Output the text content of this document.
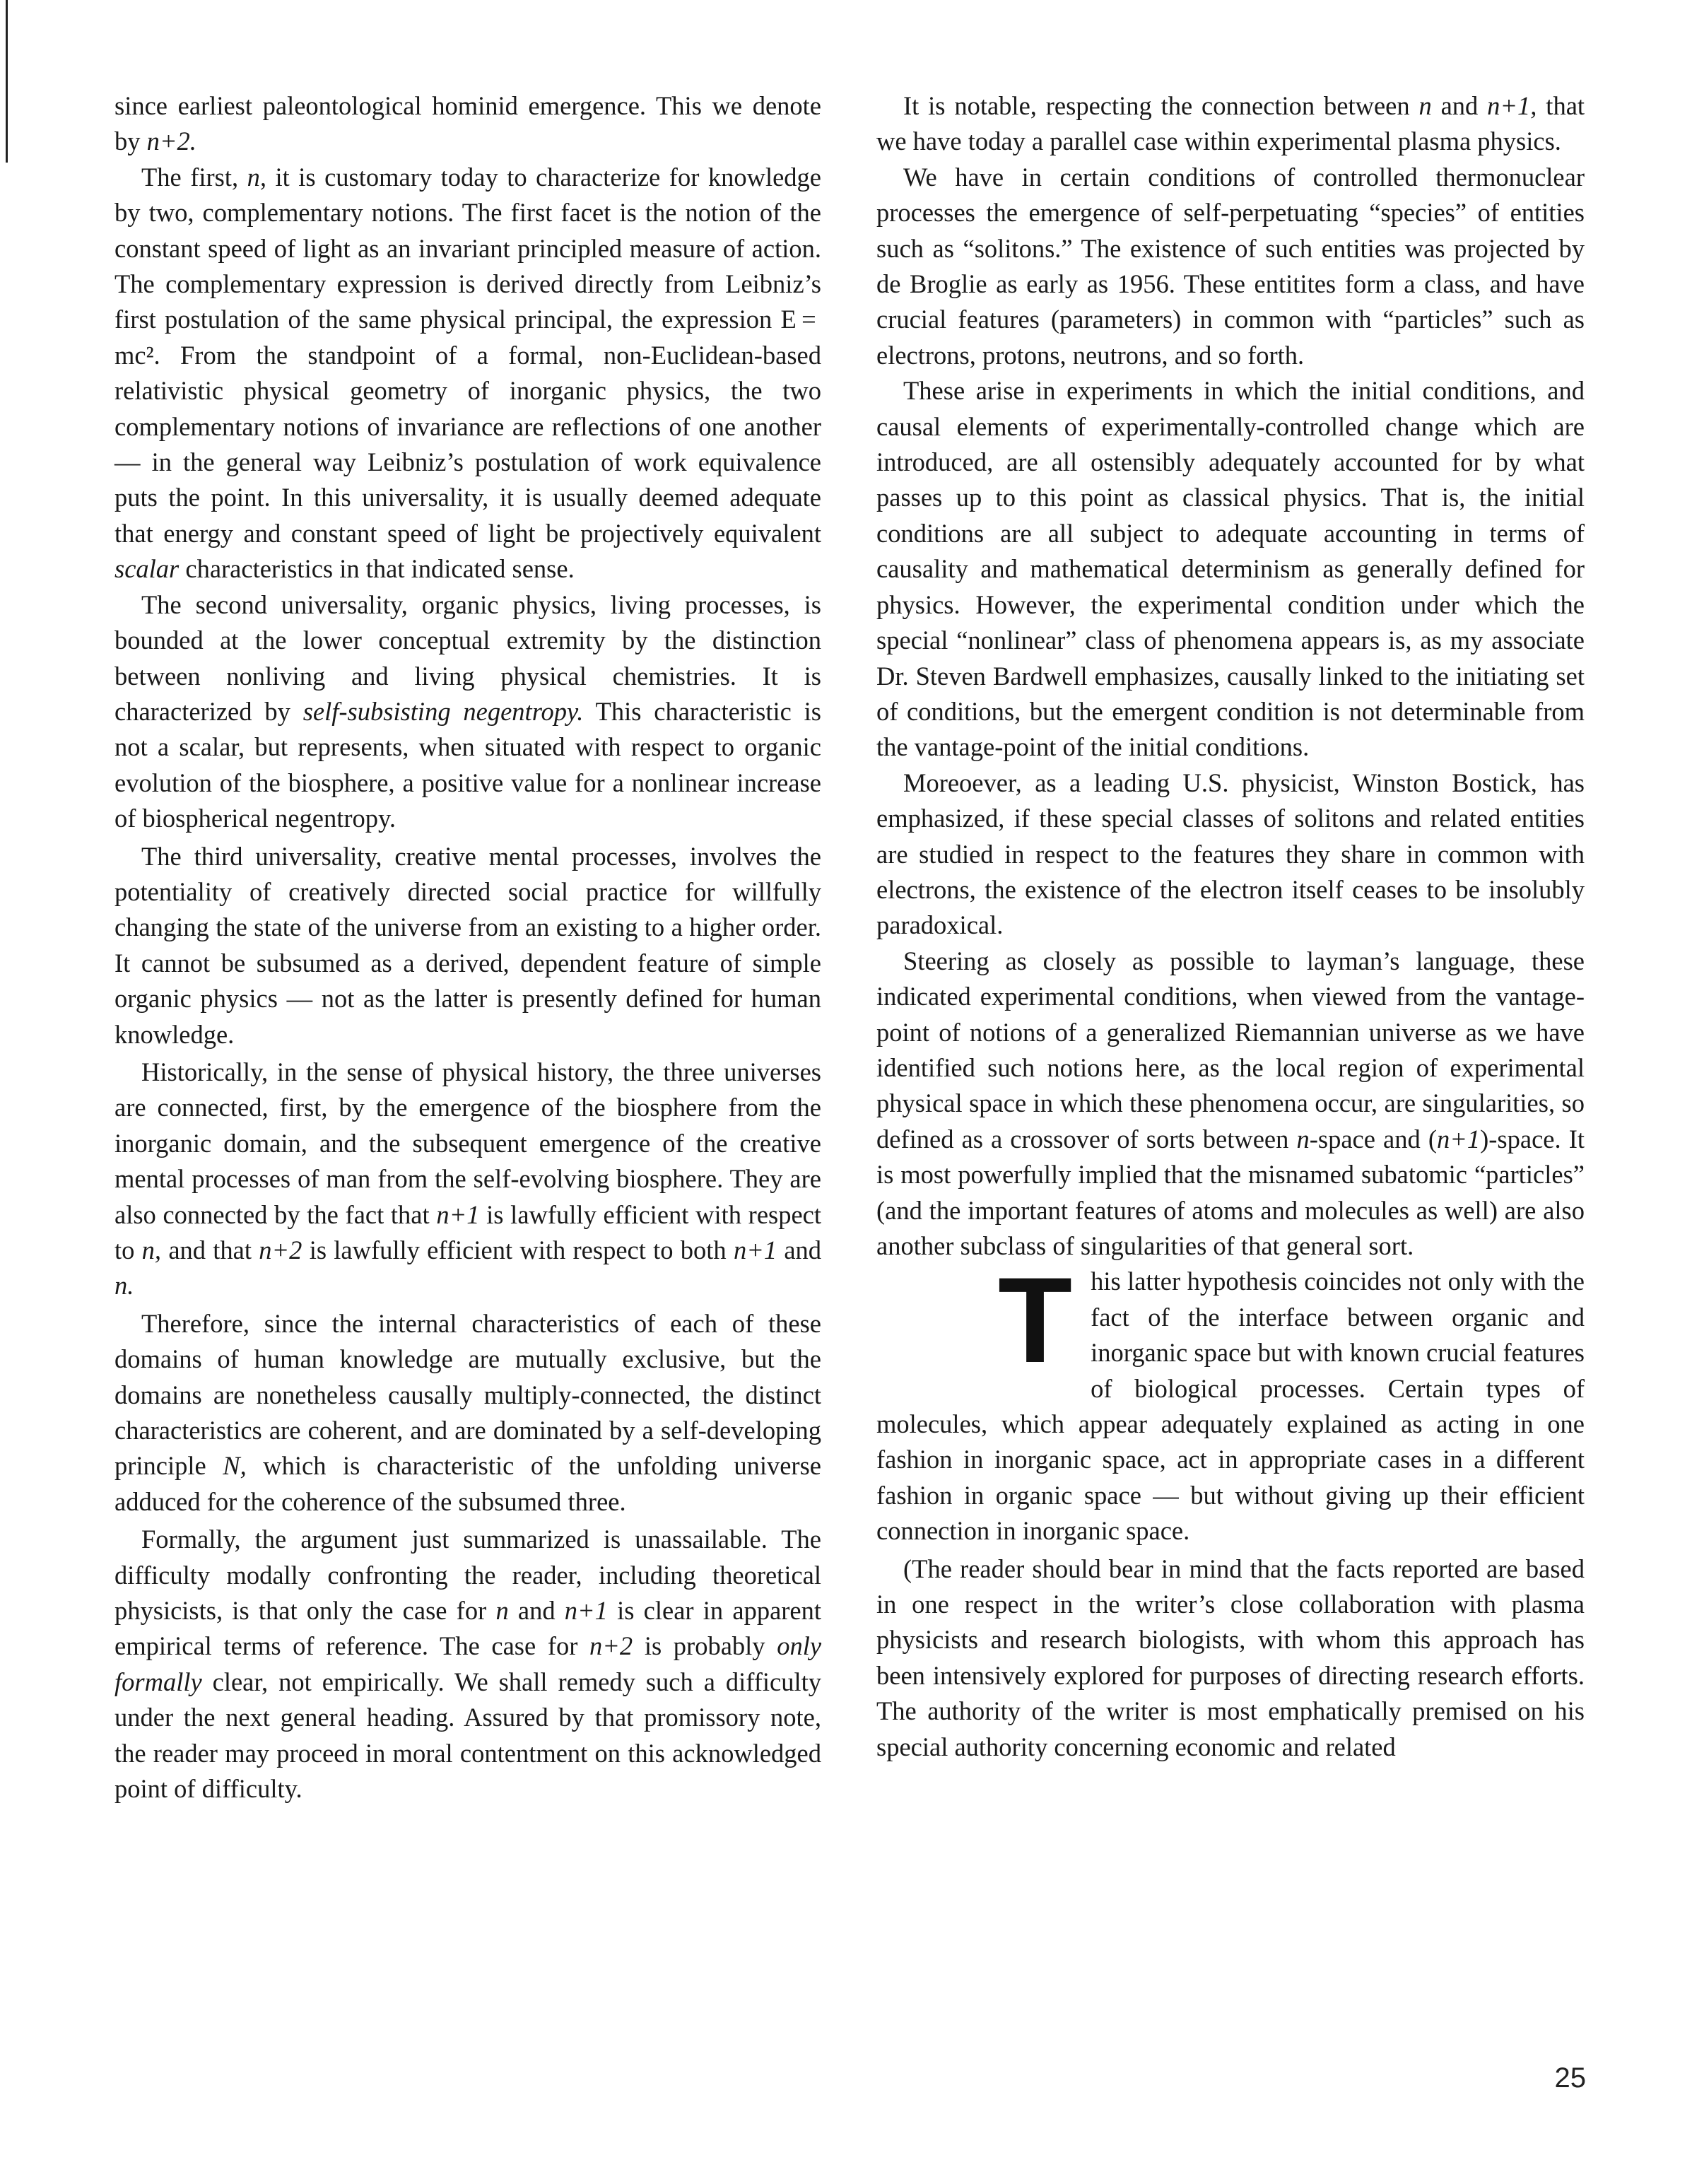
since earliest paleontological hominid emergence. This we denote by n+2.

The first, n, it is customary today to characterize for knowledge by two, complementary notions. The first facet is the notion of the constant speed of light as an invariant principled measure of action. The complementary expression is derived directly from Leibniz’s first postulation of the same physical principal, the expression E = mc². From the standpoint of a formal, non-Euclidean-based relativistic physical geometry of inorganic physics, the two complementary notions of invariance are reflections of one another — in the general way Leibniz’s postulation of work equivalence puts the point. In this universality, it is usually deemed adequate that energy and constant speed of light be projectively equivalent scalar characteristics in that indicated sense.

The second universality, organic physics, living processes, is bounded at the lower conceptual extremity by the distinction between nonliving and living physical chemistries. It is characterized by self-subsisting negentropy. This characteristic is not a scalar, but represents, when situated with respect to organic evolution of the biosphere, a positive value for a nonlinear increase of biospherical negentropy.

The third universality, creative mental processes, involves the potentiality of creatively directed social practice for willfully changing the state of the universe from an existing to a higher order. It cannot be subsumed as a derived, dependent feature of simple organic physics — not as the latter is presently defined for human knowledge.

Historically, in the sense of physical history, the three universes are connected, first, by the emergence of the biosphere from the inorganic domain, and the subsequent emergence of the creative mental processes of man from the self-evolving biosphere. They are also connected by the fact that n+1 is lawfully efficient with respect to n, and that n+2 is lawfully efficient with respect to both n+1 and n.

Therefore, since the internal characteristics of each of these domains of human knowledge are mutually exclusive, but the domains are nonetheless causally multiply-connected, the distinct characteristics are coherent, and are dominated by a self-developing principle N, which is characteristic of the unfolding universe adduced for the coherence of the subsumed three.

Formally, the argument just summarized is unassailable. The difficulty modally confronting the reader, including theoretical physicists, is that only the case for n and n+1 is clear in apparent empirical terms of reference. The case for n+2 is probably only formally clear, not empirically. We shall remedy such a difficulty under the next general heading. Assured by that promissory note, the reader may proceed in moral contentment on this acknowledged point of difficulty.

It is notable, respecting the connection between n and n+1, that we have today a parallel case within experimental plasma physics.

We have in certain conditions of controlled thermonuclear processes the emergence of self-perpetuating “species” of entities such as “solitons.” The existence of such entities was projected by de Broglie as early as 1956. These entitites form a class, and have crucial features (parameters) in common with “particles” such as electrons, protons, neutrons, and so forth.

These arise in experiments in which the initial conditions, and causal elements of experimentally-controlled change which are introduced, are all ostensibly adequately accounted for by what passes up to this point as classical physics. That is, the initial conditions are all subject to adequate accounting in terms of causality and mathematical determinism as generally defined for physics. However, the experimental condition under which the special “nonlinear” class of phenomena appears is, as my associate Dr. Steven Bardwell emphasizes, causally linked to the initiating set of conditions, but the emergent condition is not determinable from the vantage-point of the initial conditions.

Moreoever, as a leading U.S. physicist, Winston Bostick, has emphasized, if these special classes of solitons and related entities are studied in respect to the features they share in common with electrons, the existence of the electron itself ceases to be insolubly paradoxical.

Steering as closely as possible to layman’s language, these indicated experimental conditions, when viewed from the vantage-point of notions of a generalized Riemannian universe as we have identified such notions here, as the local region of experimental physical space in which these phenomena occur, are singularities, so defined as a crossover of sorts between n-space and (n+1)-space. It is most powerfully implied that the misnamed subatomic “particles” (and the important features of atoms and molecules as well) are also another subclass of singularities of that general sort.

This latter hypothesis coincides not only with the fact of the interface between organic and inorganic space but with known crucial features of biological processes. Certain types of molecules, which appear adequately explained as acting in one fashion in inorganic space, act in appropriate cases in a different fashion in organic space — but without giving up their efficient connection in inorganic space.

(The reader should bear in mind that the facts reported are based in one respect in the writer’s close collaboration with plasma physicists and research biologists, with whom this approach has been intensively explored for purposes of directing research efforts. The authority of the writer is most emphatically premised on his special authority concerning economic and related

25
